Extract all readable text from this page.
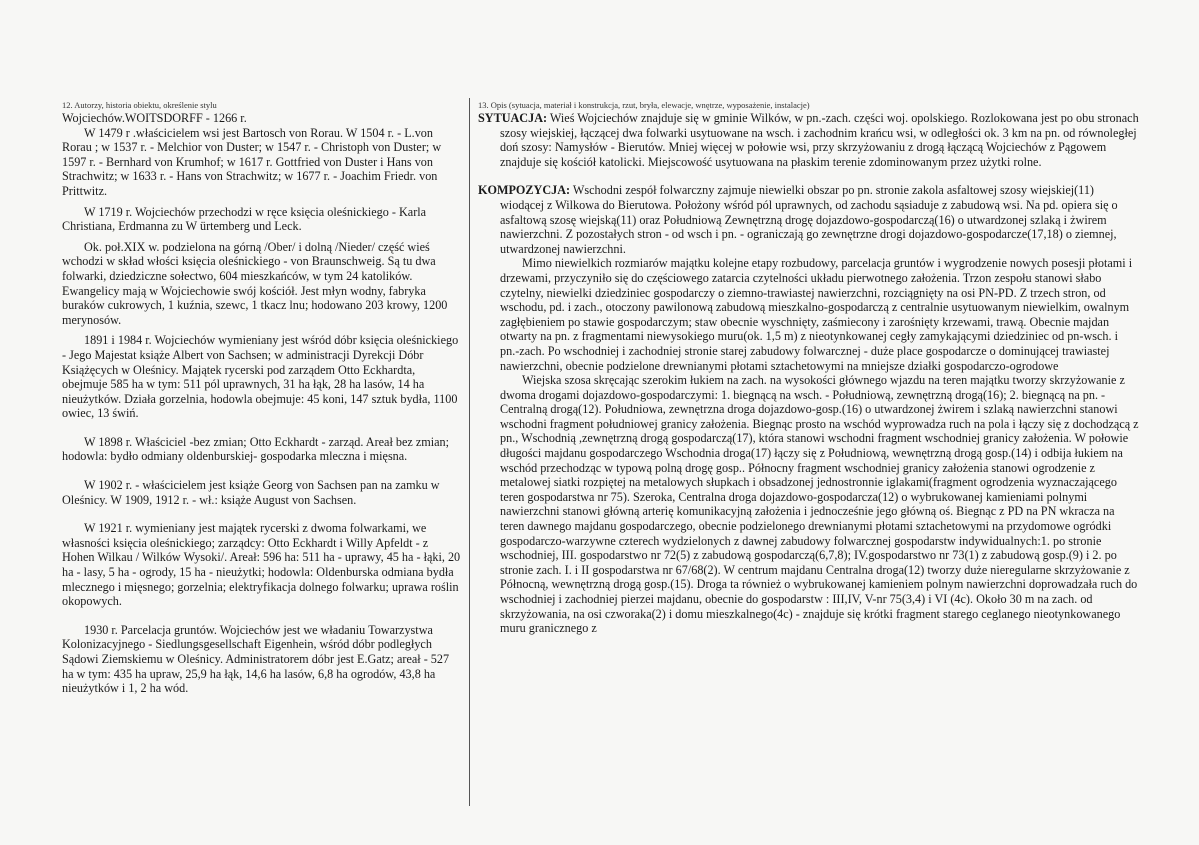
12. Autorzy, historia obiektu, określenie stylu

Wojciechów.WOITSDORFF - 1266 r.

W 1479 r .właścicielem wsi jest Bartosch von Rorau. W 1504 r. - L.von Rorau ; w 1537 r. - Melchior von Duster; w 1547 r. - Christoph von Duster; w 1597 r. - Bernhard von Krumhof; w 1617 r. Gottfried von Duster i Hans von Strachwitz; w 1633 r. - Hans von Strachwitz; w 1677 r. - Joachim Friedr. von Prittwitz.

W 1719 r. Wojciechów przechodzi w ręce księcia oleśnickiego - Karla Christiana, Erdmanna zu W ürtemberg und Leck.

Ok. poł.XIX w. podzielona na górną /Ober/ i dolną /Nieder/ część wieś wchodzi w skład włości księcia oleśnickiego - von Braunschweig. Są tu dwa folwarki, dziedziczne sołectwo, 604 mieszkańców, w tym 24 katolików. Ewangelicy mają w Wojciechowie swój kościół. Jest młyn wodny, fabryka buraków cukrowych, 1 kuźnia, szewc, 1 tkacz lnu; hodowano 203 krowy, 1200 merynosów.

1891 i 1984 r. Wojciechów wymieniany jest wśród dóbr księcia oleśnickiego - Jego Majestat książe Albert von Sachsen; w administracji Dyrekcji Dóbr Książęcych w Oleśnicy. Majątek rycerski pod zarządem Otto Eckhardta, obejmuje 585 ha w tym: 511 pól uprawnych, 31 ha łąk, 28 ha lasów, 14 ha nieużytków. Działa gorzelnia, hodowla obejmuje: 45 koni, 147 sztuk bydła, 1100 owiec, 13 świń.

W 1898 r. Właściciel -bez zmian; Otto Eckhardt - zarząd. Areał bez zmian; hodowla: bydło odmiany oldenburskiej- gospodarka mleczna i mięsna.

W 1902 r. - właścicielem jest książe Georg von Sachsen pan na zamku w Oleśnicy. W 1909, 1912 r. - wł.: książe August von Sachsen.

W 1921 r. wymieniany jest majątek rycerski z dwoma folwarkami, we własności księcia oleśnickiego; zarządcy: Otto Eckhardt i Willy Apfeldt - z Hohen Wilkau / Wilków Wysoki/. Areał: 596 ha: 511 ha - uprawy, 45 ha - łąki, 20 ha - lasy, 5 ha - ogrody, 15 ha - nieużytki; hodowla: Oldenburska odmiana bydła mlecznego i mięsnego; gorzelnia; elektryfikacja dolnego folwarku; uprawa roślin okopowych.

1930 r. Parcelacja gruntów. Wojciechów jest we władaniu Towarzystwa Kolonizacyjnego - Siedlungsgesellschaft Eigenhein, wśród dóbr podległych Sądowi Ziemskiemu w Oleśnicy. Administratorem dóbr jest E.Gatz; areał - 527 ha w tym: 435 ha upraw, 25,9 ha łąk, 14,6 ha lasów, 6,8 ha ogrodów, 43,8 ha nieużytków i 1, 2 ha wód.

13. Opis (sytuacja, materiał i konstrukcja, rzut, bryła, elewacje, wnętrze, wyposażenie, instalacje)

SYTUACJA: Wieś Wojciechów znajduje się w gminie Wilków, w pn.-zach. części woj. opolskiego. Rozlokowana jest po obu stronach szosy wiejskiej, łączącej dwa folwarki usytuowane na wsch. i zachodnim krańcu wsi, w odległości ok. 3 km na pn. od równoległej doń szosy: Namysłów - Bierutów. Mniej więcej w połowie wsi, przy skrzyżowaniu z drogą łączącą Wojciechów z Pągowem znajduje się kościół katolicki. Miejscowość usytuowana na płaskim terenie zdominowanym przez użytki rolne.

KOMPOZYCJA: Wschodni zespół folwarczny zajmuje niewielki obszar po pn. stronie zakola asfaltowej szosy wiejskiej(11) wiodącej z Wilkowa do Bierutowa. Położony wśród pól uprawnych, od zachodu sąsiaduje z zabudową wsi. Na pd. opiera się o asfaltową szosę wiejską(11) oraz Południową Zewnętrzną drogę dojazdowo-gospodarczą(16) o utwardzonej szlaką i żwirem nawierzchni. Z pozostałych stron - od wsch i pn. - ograniczają go zewnętrzne drogi dojazdowo-gospodarcze(17,18) o ziemnej, utwardzonej nawierzchni.

Mimo niewielkich rozmiarów majątku kolejne etapy rozbudowy, parcelacja gruntów i wygrodzenie nowych posesji płotami i drzewami, przyczyniło się do częściowego zatarcia czytelności układu pierwotnego założenia. Trzon zespołu stanowi słabo czytelny, niewielki dziedziniec gospodarczy o ziemno-trawiastej nawierzchni, rozciągnięty na osi PN-PD. Z trzech stron, od wschodu, pd. i zach., otoczony pawilonową zabudową mieszkalno-gospodarczą z centralnie usytuowanym niewielkim, owalnym zagłębieniem po stawie gospodarczym; staw obecnie wyschnięty, zaśmiecony i zarośnięty krzewami, trawą. Obecnie majdan otwarty na pn. z fragmentami niewysokiego muru(ok. 1,5 m) z nieotynkowanej cegły zamykającymi dziedziniec od pn-wsch. i pn.-zach. Po wschodniej i zachodniej stronie starej zabudowy folwarcznej - duże place gospodarcze o dominującej trawiastej nawierzchni, obecnie podzielone drewnianymi płotami sztachetowymi na mniejsze działki gospodarczo-ogrodowe

Wiejska szosa skręcając szerokim łukiem na zach. na wysokości głównego wjazdu na teren majątku tworzy skrzyżowanie z dwoma drogami dojazdowo-gospodarczymi: 1. biegnącą na wsch. - Południową, zewnętrzną drogą(16); 2. biegnącą na pn. - Centralną drogą(12). Południowa, zewnętrzna droga dojazdowo-gosp.(16) o utwardzonej żwirem i szlaką nawierzchni stanowi wschodni fragment południowej granicy założenia. Biegnąc prosto na wschód wyprowadza ruch na pola i łączy się z dochodzącą z pn., Wschodnią ,zewnętrzną drogą gospodarczą(17), która stanowi wschodni fragment wschodniej granicy założenia. W połowie długości majdanu gospodarczego Wschodnia droga(17) łączy się z Południową, wewnętrzną drogą gosp.(14) i odbija łukiem na wschód przechodząc w typową polną drogę gosp.. Północny fragment wschodniej granicy założenia stanowi ogrodzenie z metalowej siatki rozpiętej na metalowych słupkach i obsadzonej jednostronnie iglakami(fragment ogrodzenia wyznaczającego teren gospodarstwa nr 75). Szeroka, Centralna droga dojazdowo-gospodarcza(12) o wybrukowanej kamieniami polnymi nawierzchni stanowi główną arterię komunikacyjną założenia i jednocześnie jego główną oś. Biegnąc z PD na PN wkracza na teren dawnego majdanu gospodarczego, obecnie podzielonego drewnianymi płotami sztachetowymi na przydomowe ogródki gospodarczo-warzywne czterech wydzielonych z dawnej zabudowy folwarcznej gospodarstw indywidualnych:1. po stronie wschodniej, III. gospodarstwo nr 72(5) z zabudową gospodarczą(6,7,8); IV.gospodarstwo nr 73(1) z zabudową gosp.(9) i 2. po stronie zach. I. i II gospodarstwa nr 67/68(2). W centrum majdanu Centralna droga(12) tworzy duże nieregularne skrzyżowanie z Północną, wewnętrzną drogą gosp.(15). Droga ta również o wybrukowanej kamieniem polnym nawierzchni doprowadzała ruch do wschodniej i zachodniej pierzei majdanu, obecnie do gospodarstw : III,IV, V-nr 75(3,4) i VI (4c). Około 30 m na zach. od skrzyżowania, na osi czworaka(2) i domu mieszkalnego(4c) - znajduje się krótki fragment starego ceglanego nieotynkowanego muru granicznego z
